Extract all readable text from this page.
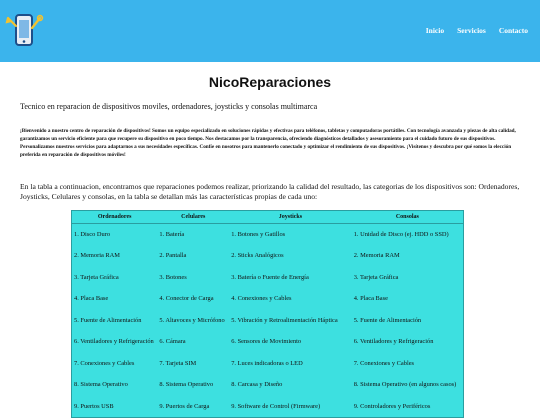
Inicio Servicios Contacto
NicoReparaciones

Tecnico en reparacion de dispositivos moviles, ordenadores, joysticks y consolas multimarca

¡Bienvenido a nuestro centro de reparación de dispositivos! Somos un equipo especializado en soluciones rápidas y efectivas para teléfonos, tabletas y computadoras portátiles. Con tecnología avanzada y piezas de alta calidad, garantizamos un servicio eficiente para que recupere su dispositivo en poco tiempo. Nos destacamos por la transparencia, ofreciendo diagnósticos detallados y asesoramiento para el cuidado futuro de sus dispositivos. Personalizamos nuestros servicios para adaptarnos a sus necesidades específicas. Confíe en nosotros para mantenerlo conectado y optimizar el rendimiento de sus dispositivos. ¡Visítenos y descubra por qué somos la elección preferida en reparación de dispositivos móviles!

En la tabla a continuacion, encontramos que reparaciones podemos realizar, priorizando la calidad del resultado, las categorias de los dispositivos son: Ordenadores, Joysticks, Celulares y consolas, en la tabla se detallan más las características propias de cada uno:

Ordenadores	Celulares	Joysticks	Consolas
1. Disco Duro	1. Batería	1. Botones y Gatillos	1. Unidad de Disco (ej. HDD o SSD)
2. Memoria RAM	2. Pantalla	2. Sticks Analógicos	2. Memoria RAM
3. Tarjeta Gráfica	3. Botones	3. Batería o Fuente de Energía	3. Tarjeta Gráfica
4. Placa Base	4. Conector de Carga	4. Conexiones y Cables	4. Placa Base
5. Fuente de Alimentación	5. Altavoces y Micrófono	5. Vibración y Retroalimentación Háptica	5. Fuente de Alimentación
6. Ventiladores y Refrigeración	6. Cámara	6. Sensores de Movimiento	6. Ventiladores y Refrigeración
7. Conexiones y Cables	7. Tarjeta SIM	7. Luces indicadoras o LED	7. Conexiones y Cables
8. Sistema Operativo	8. Sistema Operativo	8. Carcasa y Diseño	8. Sistema Operativo (en algunos casos)
9. Puertos USB	9. Puertos de Carga	9. Software de Control (Firmware)	9. Controladores y Periféricos
